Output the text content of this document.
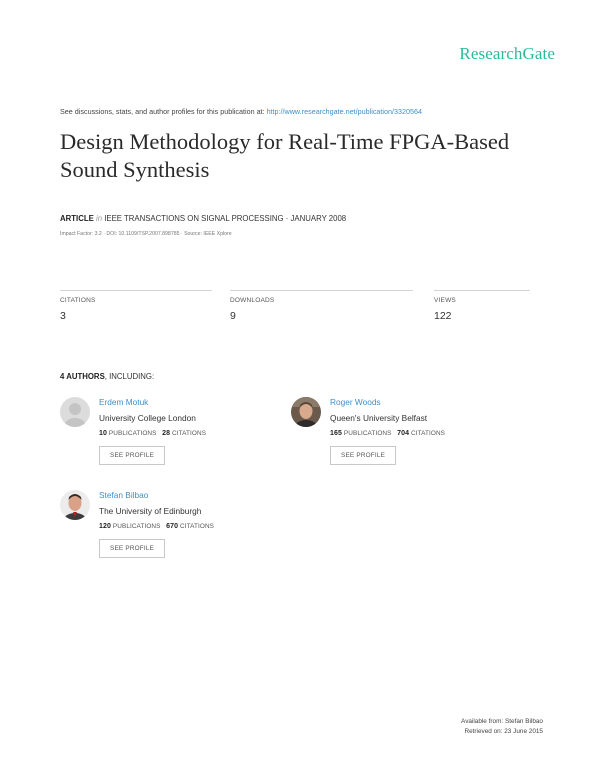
ResearchGate
See discussions, stats, and author profiles for this publication at: http://www.researchgate.net/publication/3320564
Design Methodology for Real-Time FPGA-Based Sound Synthesis
ARTICLE in IEEE TRANSACTIONS ON SIGNAL PROCESSING · JANUARY 2008
Impact Factor: 3.2 · DOI: 10.1109/TSP.2007.898785 · Source: IEEE Xplore
CITATIONS
3
DOWNLOADS
9
VIEWS
122
4 AUTHORS, INCLUDING:
Erdem Motuk
University College London
10 PUBLICATIONS 28 CITATIONS
SEE PROFILE
Roger Woods
Queen's University Belfast
165 PUBLICATIONS 704 CITATIONS
SEE PROFILE
Stefan Bilbao
The University of Edinburgh
120 PUBLICATIONS 670 CITATIONS
SEE PROFILE
Available from: Stefan Bilbao
Retrieved on: 23 June 2015
